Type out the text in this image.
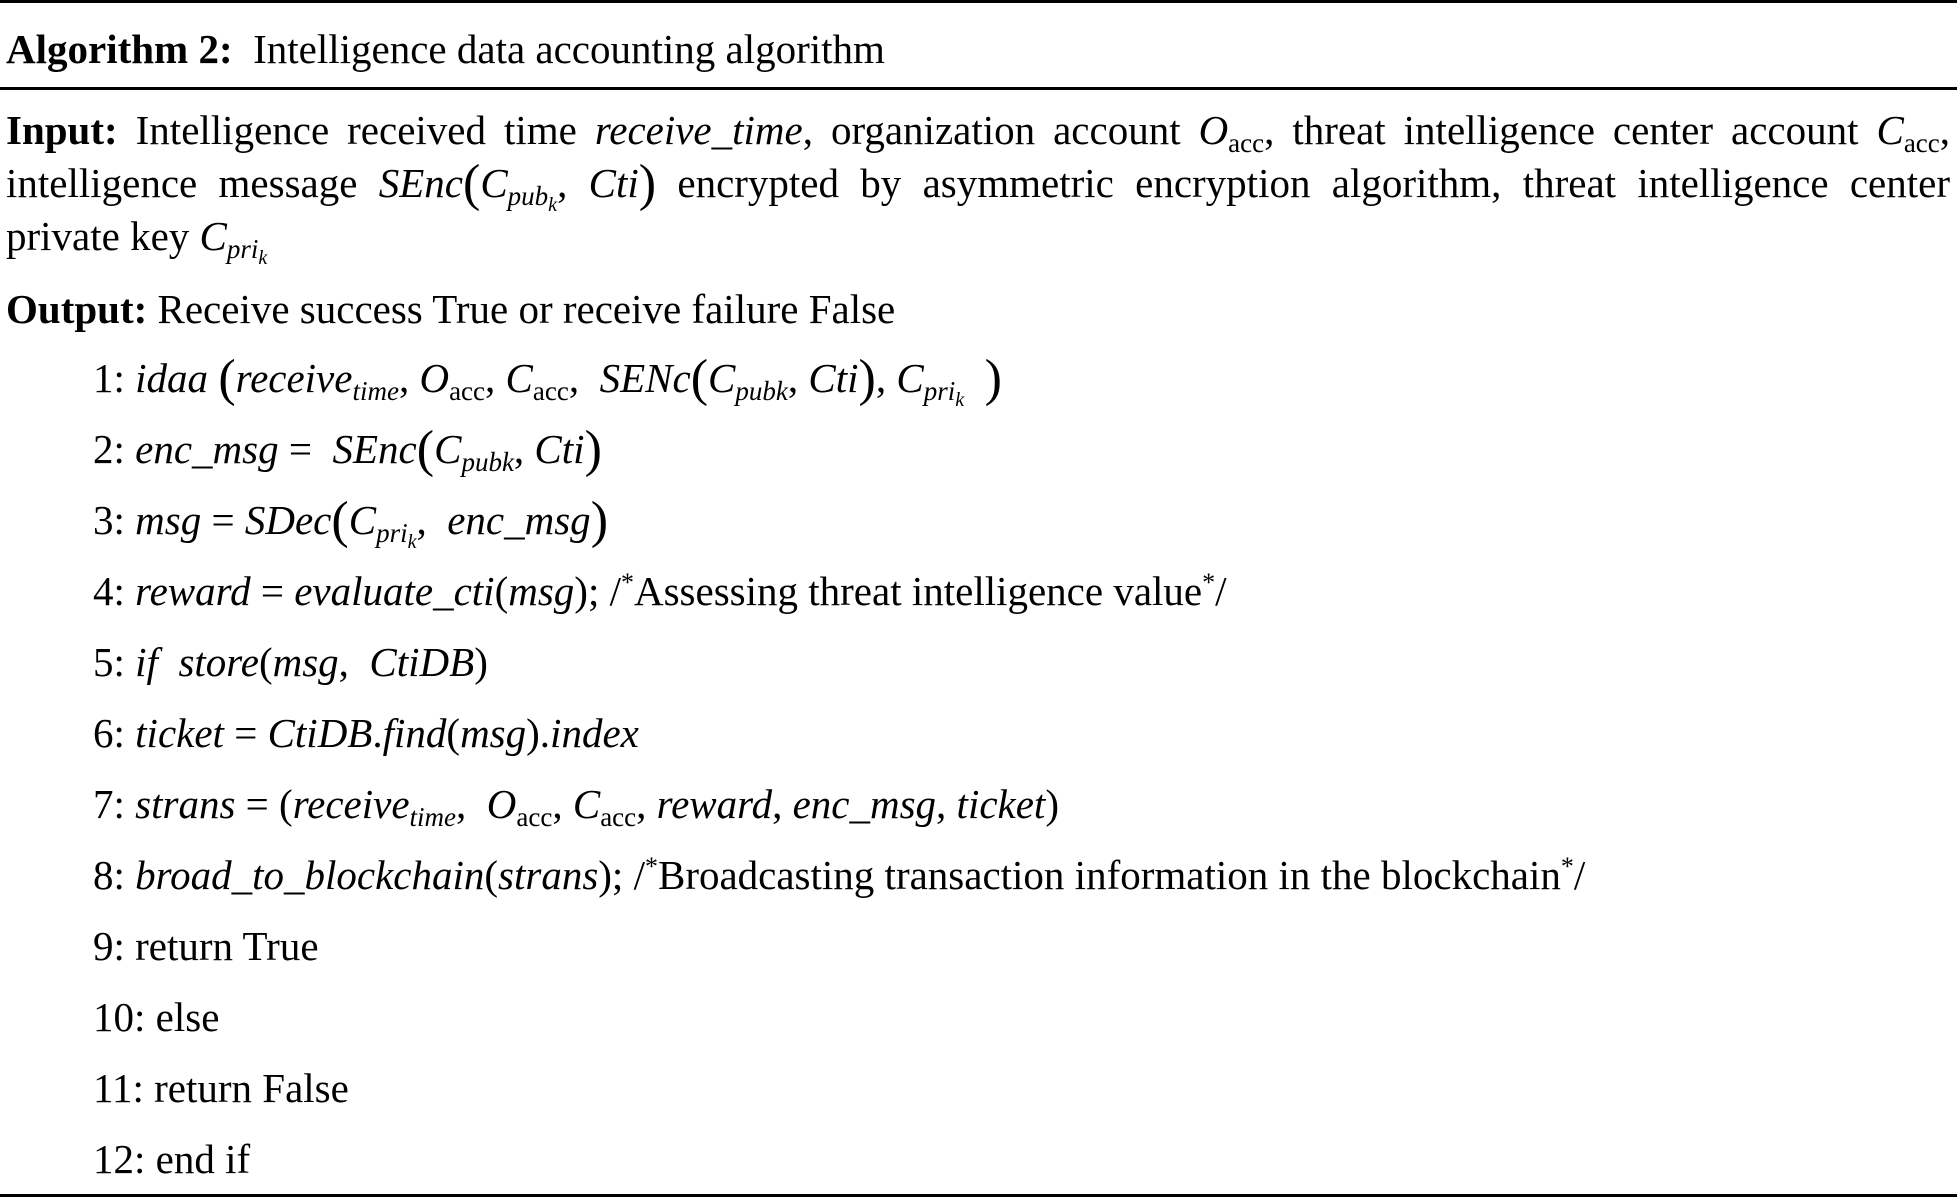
Algorithm 2: Intelligence data accounting algorithm
Input: Intelligence received time receive_time, organization account $O_{acc}$, threat intelligence center account $C_{acc}$, intelligence message $SEnc(C_{pub_k}$, Cti) encrypted by asymmetric encryption algorithm, threat intelligence center private key $C_{pri_k}$
Output: Receive success True or receive failure False
1: idaa (receive$_{time}$, $O_{acc}$, $C_{acc}$,  $SENc(C_{pubk}$, Cti), $C_{pri_k}$ )
2: enc_msg =  $SEnc(C_{pubk}$, Cti)
3: msg = $SDec(C_{pri_k}$,  enc_msg)
4: reward = evaluate_cti(msg); /*Assessing threat intelligence value*/
5: if store(msg,  CtiDB)
6: ticket = CtiDB.find(msg).index
7: strans = (receive$_{time}$,  $O_{acc}$, $C_{acc}$, reward, enc_msg, ticket)
8: broad_to_blockchain(strans); /*Broadcasting transaction information in the blockchain*/
9: return True
10: else
11: return False
12: end if
